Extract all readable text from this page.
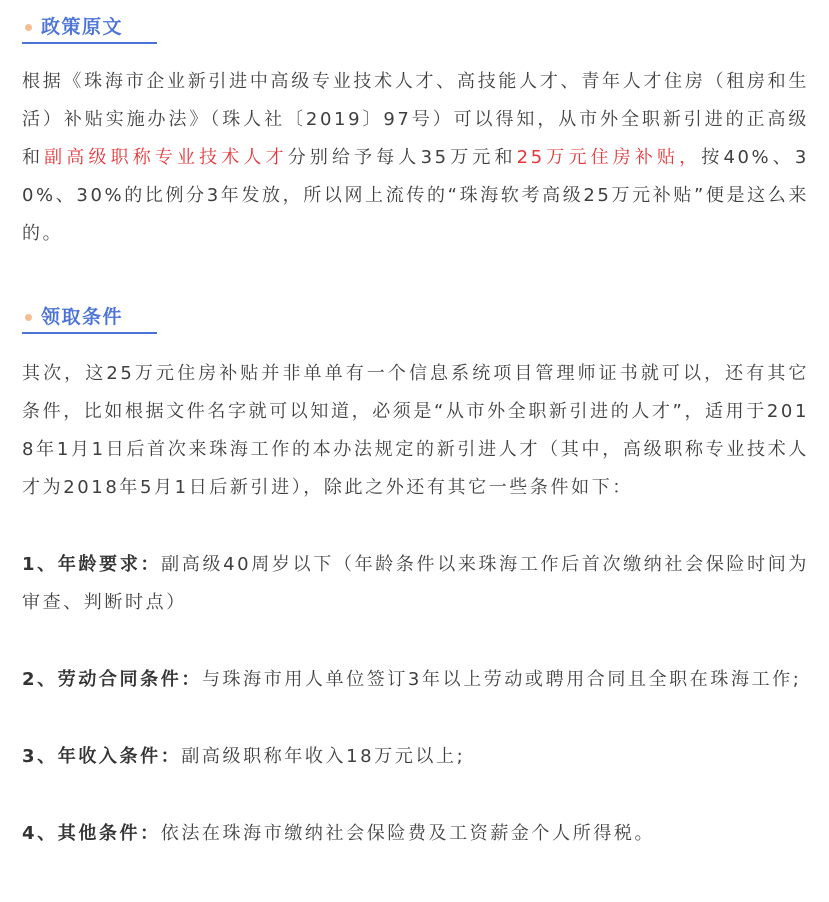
政策原文

根据《珠海市企业新引进中高级专业技术人才、高技能人才、青年人才住房（租房和生活）补贴实施办法》（珠人社〔2019〕97号）可以得知，从市外全职新引进的正高级和副高级职称专业技术人才分别给予每人35万元和25万元住房补贴，按40%、30%、30%的比例分3年发放，所以网上流传的“珠海软考高级25万元补贴”便是这么来的。

领取条件

其次，这25万元住房补贴并非单单有一个信息系统项目管理师证书就可以，还有其它条件，比如根据文件名字就可以知道，必须是“从市外全职新引进的人才”，适用于2018年1月1日后首次来珠海工作的本办法规定的新引进人才（其中，高级职称专业技术人才为2018年5月1日后新引进），除此之外还有其它一些条件如下：

1、年龄要求：副高级40周岁以下（年龄条件以来珠海工作后首次缴纳社会保险时间为审查、判断时点）

2、劳动合同条件：与珠海市用人单位签订3年以上劳动或聘用合同且全职在珠海工作;

3、年收入条件：副高级职称年收入18万元以上;

4、其他条件：依法在珠海市缴纳社会保险费及工资薪金个人所得税。
